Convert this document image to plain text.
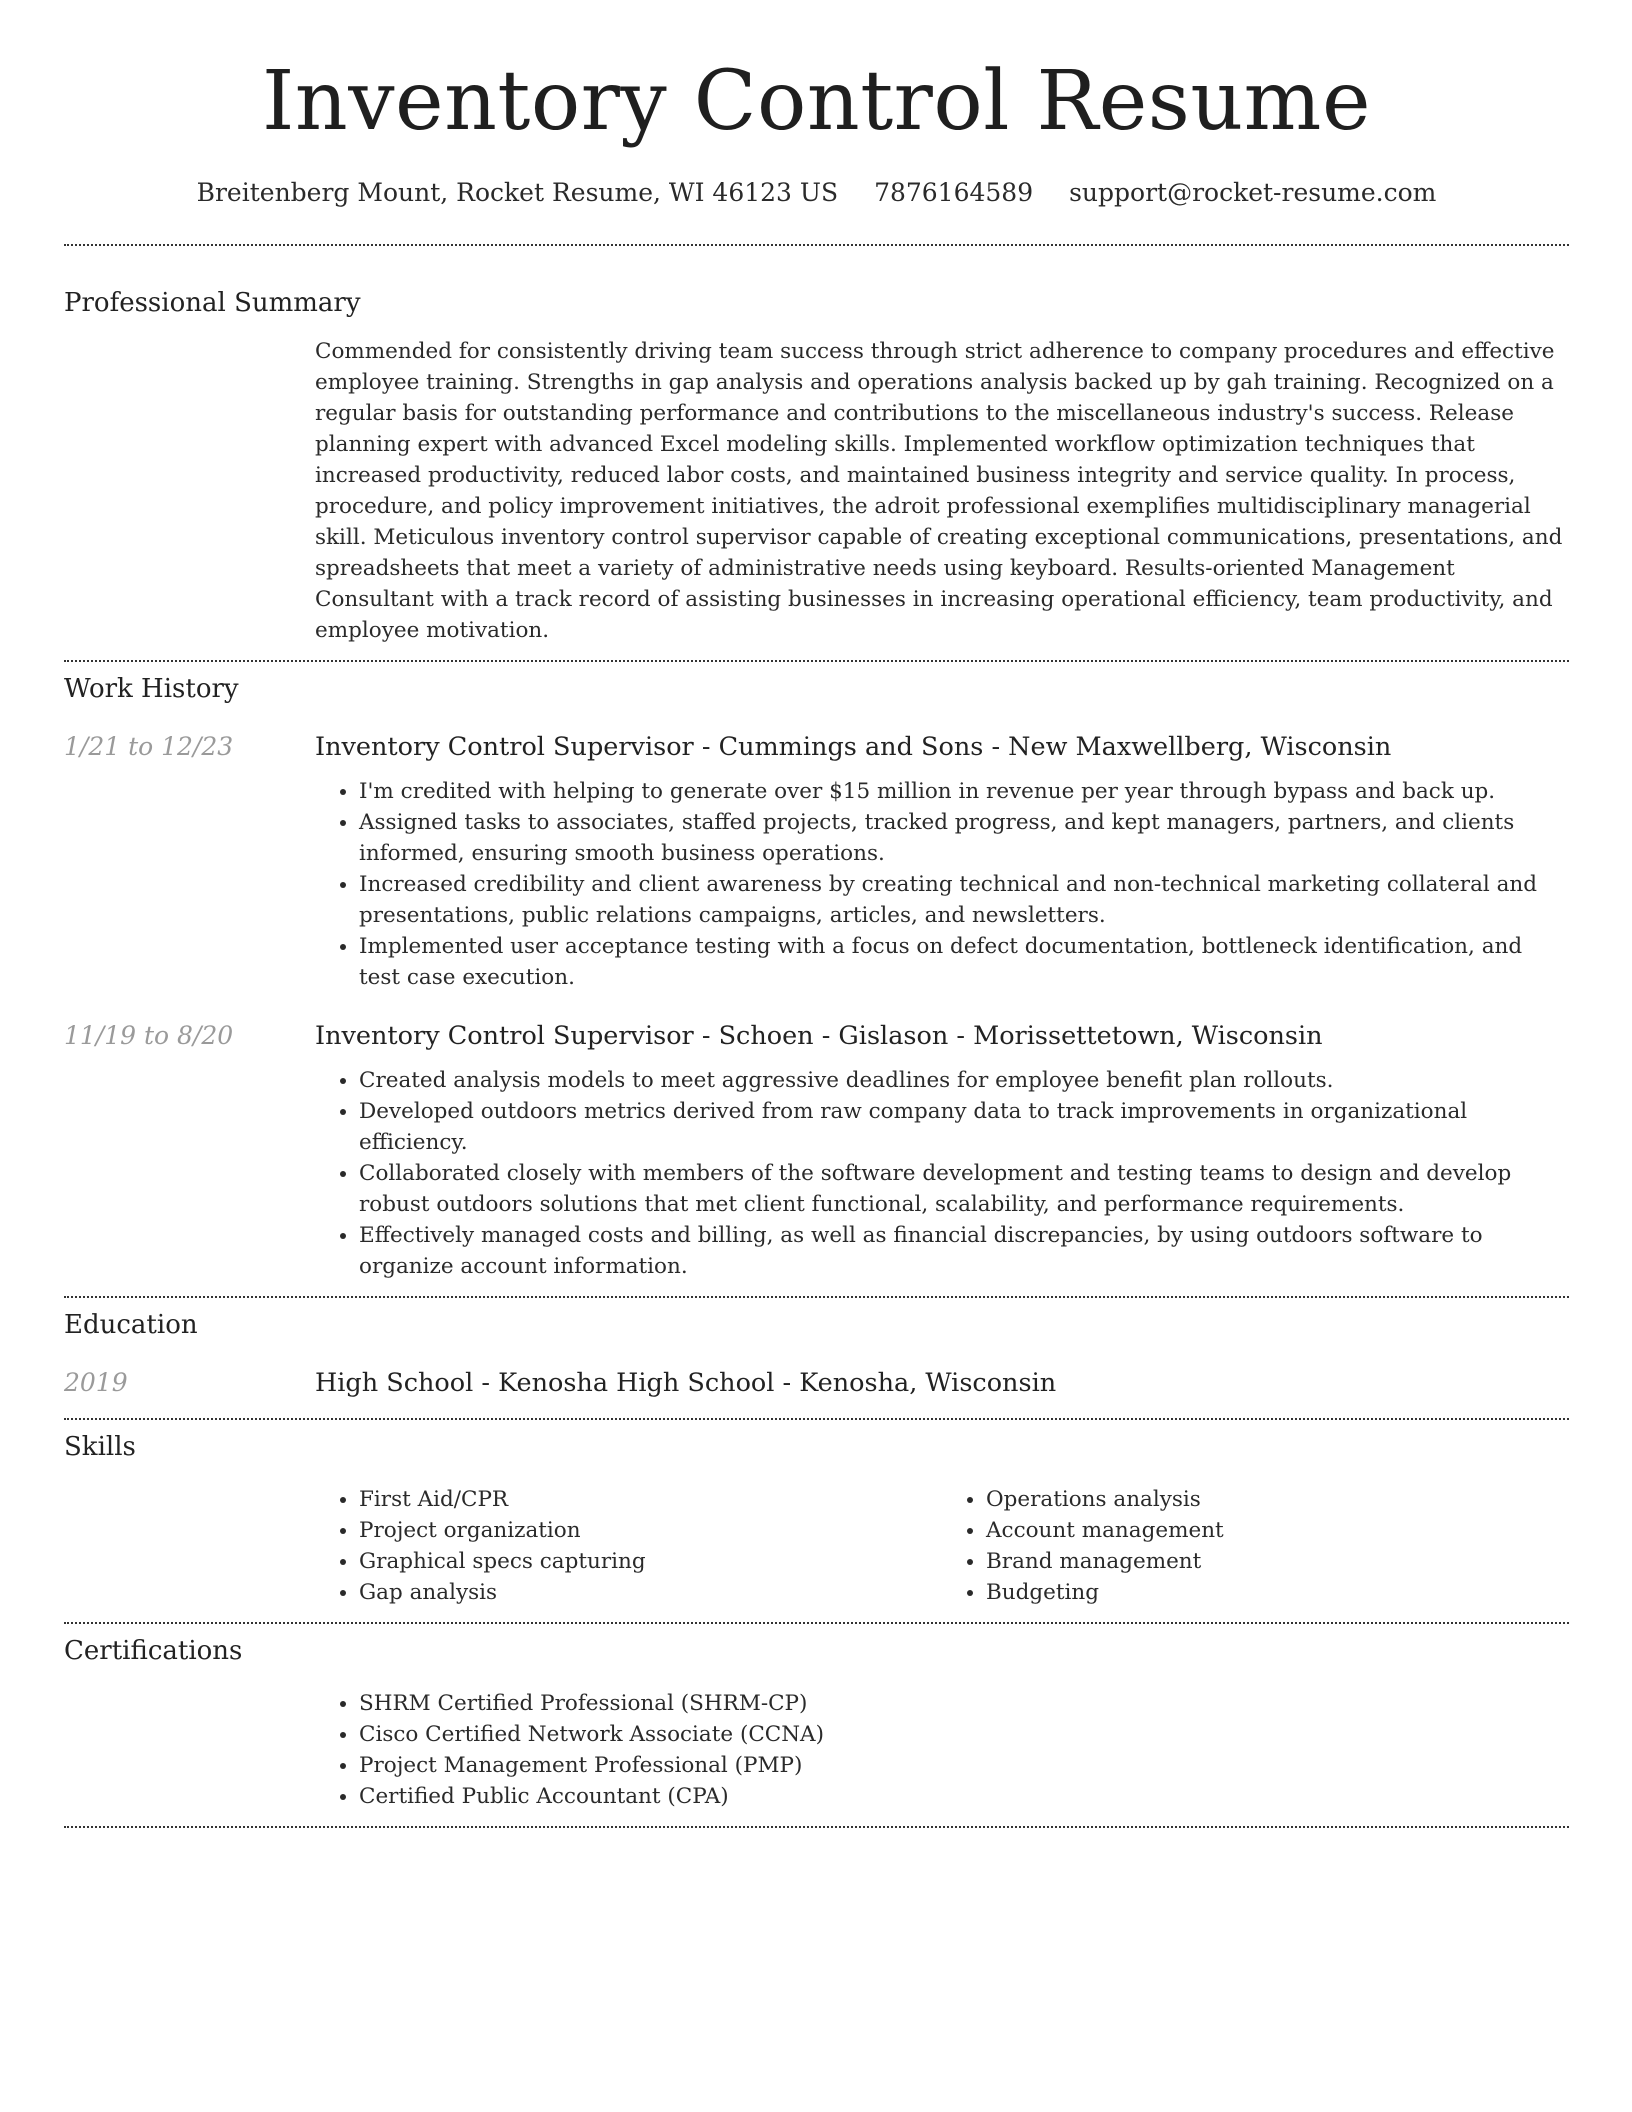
Inventory Control Resume
Breitenberg Mount, Rocket Resume, WI 46123 US 7876164589 support@rocket-resume.com
Professional Summary
Commended for consistently driving team success through strict adherence to company procedures and effective employee training. Strengths in gap analysis and operations analysis backed up by gah training. Recognized on a regular basis for outstanding performance and contributions to the miscellaneous industry's success. Release planning expert with advanced Excel modeling skills. Implemented workflow optimization techniques that increased productivity, reduced labor costs, and maintained business integrity and service quality. In process, procedure, and policy improvement initiatives, the adroit professional exemplifies multidisciplinary managerial skill. Meticulous inventory control supervisor capable of creating exceptional communications, presentations, and spreadsheets that meet a variety of administrative needs using keyboard. Results-oriented Management Consultant with a track record of assisting businesses in increasing operational efficiency, team productivity, and employee motivation.
Work History
1/21 to 12/23	Inventory Control Supervisor - Cummings and Sons - New Maxwellberg, Wisconsin
• I'm credited with helping to generate over $15 million in revenue per year through bypass and back up.
• Assigned tasks to associates, staffed projects, tracked progress, and kept managers, partners, and clients informed, ensuring smooth business operations.
• Increased credibility and client awareness by creating technical and non-technical marketing collateral and presentations, public relations campaigns, articles, and newsletters.
• Implemented user acceptance testing with a focus on defect documentation, bottleneck identification, and test case execution.
11/19 to 8/20	Inventory Control Supervisor - Schoen - Gislason - Morissettetown, Wisconsin
• Created analysis models to meet aggressive deadlines for employee benefit plan rollouts.
• Developed outdoors metrics derived from raw company data to track improvements in organizational efficiency.
• Collaborated closely with members of the software development and testing teams to design and develop robust outdoors solutions that met client functional, scalability, and performance requirements.
• Effectively managed costs and billing, as well as financial discrepancies, by using outdoors software to organize account information.
Education
2019	High School - Kenosha High School - Kenosha, Wisconsin
Skills
• First Aid/CPR
• Project organization
• Graphical specs capturing
• Gap analysis
• Operations analysis
• Account management
• Brand management
• Budgeting
Certifications
• SHRM Certified Professional (SHRM-CP)
• Cisco Certified Network Associate (CCNA)
• Project Management Professional (PMP)
• Certified Public Accountant (CPA)
